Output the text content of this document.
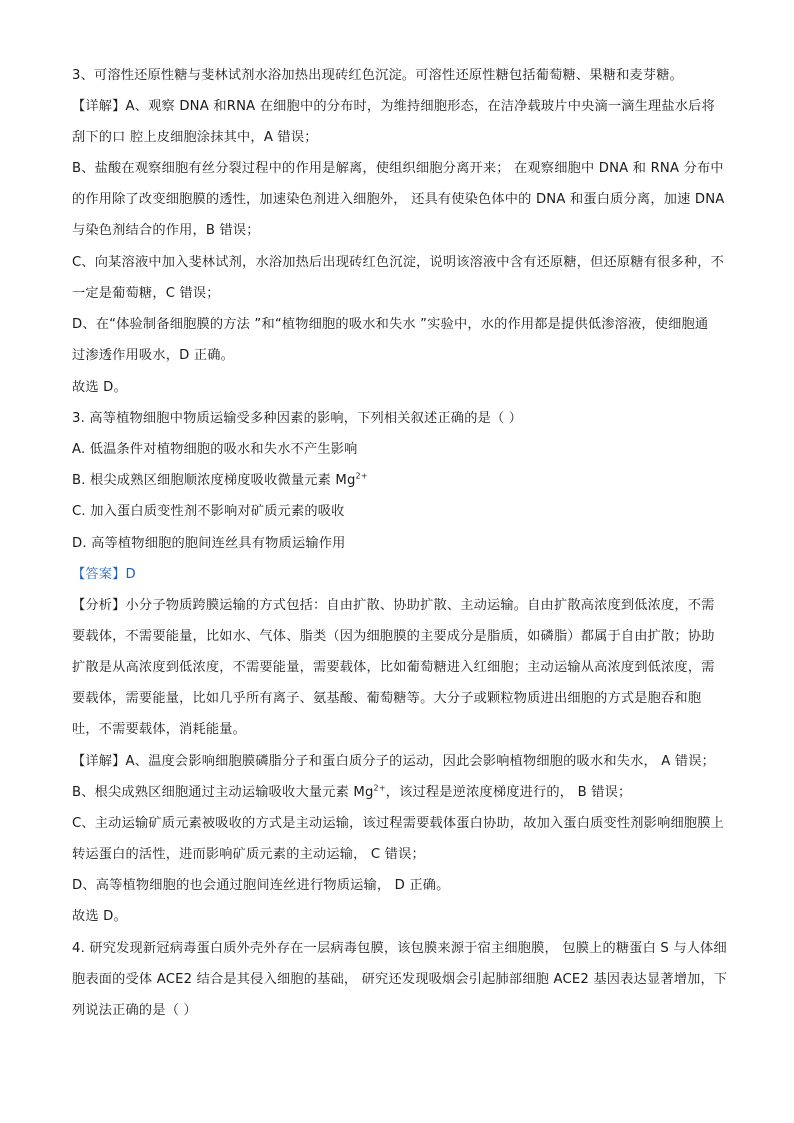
3、可溶性还原性糖与斐林试剂水浴加热出现砖红色沉淀。可溶性还原性糖包括葡萄糖、果糖和麦芽糖。
【详解】A、观察 DNA 和RNA 在细胞中的分布时，为维持细胞形态，在洁净载玻片中央滴一滴生理盐水后将
刮下的口 腔上皮细胞涂抹其中，A 错误；
B、盐酸在观察细胞有丝分裂过程中的作用是解离，使组织细胞分离开来； 在观察细胞中 DNA 和 RNA 分布中
的作用除了改变细胞膜的透性，加速染色剂进入细胞外， 还具有使染色体中的 DNA 和蛋白质分离，加速 DNA
与染色剂结合的作用，B 错误；
C、向某溶液中加入斐林试剂，水浴加热后出现砖红色沉淀，说明该溶液中含有还原糖，但还原糖有很多种，不
一定是葡萄糖，C 错误；
D、在“体验制备细胞膜的方法 ”和“植物细胞的吸水和失水 ”实验中，水的作用都是提供低渗溶液，使细胞通
过渗透作用吸水，D 正确。
故选 D。
3. 高等植物细胞中物质运输受多种因素的影响，下列相关叙述正确的是（ ）
A. 低温条件对植物细胞的吸水和失水不产生影响
B. 根尖成熟区细胞顺浓度梯度吸收微量元素 $Mg^{2+}$
C. 加入蛋白质变性剂不影响对矿质元素的吸收
D. 高等植物细胞的胞间连丝具有物质运输作用
【答案】D
【分析】小分子物质跨膜运输的方式包括：自由扩散、协助扩散、主动运输。自由扩散高浓度到低浓度，不需
要载体，不需要能量，比如水、气体、脂类（因为细胞膜的主要成分是脂质，如磷脂）都属于自由扩散；协助
扩散是从高浓度到低浓度，不需要能量，需要载体，比如葡萄糖进入红细胞；主动运输从高浓度到低浓度，需
要载体，需要能量，比如几乎所有离子、氨基酸、葡萄糖等。大分子或颗粒物质进出细胞的方式是胞吞和胞
吐，不需要载体，消耗能量。
【详解】A、温度会影响细胞膜磷脂分子和蛋白质分子的运动，因此会影响植物细胞的吸水和失水， A 错误；
B、根尖成熟区细胞通过主动运输吸收大量元素 $Mg^{2+}$，该过程是逆浓度梯度进行的， B 错误；
C、主动运输矿质元素被吸收的方式是主动运输，该过程需要载体蛋白协助，故加入蛋白质变性剂影响细胞膜上
转运蛋白的活性，进而影响矿质元素的主动运输， C 错误；
D、高等植物细胞的也会通过胞间连丝进行物质运输， D 正确。
故选 D。
4. 研究发现新冠病毒蛋白质外壳外存在一层病毒包膜，该包膜来源于宿主细胞膜， 包膜上的糖蛋白 S 与人体细
胞表面的受体 ACE2 结合是其侵入细胞的基础， 研究还发现吸烟会引起肺部细胞 ACE2 基因表达显著增加，下
列说法正确的是（ ）
